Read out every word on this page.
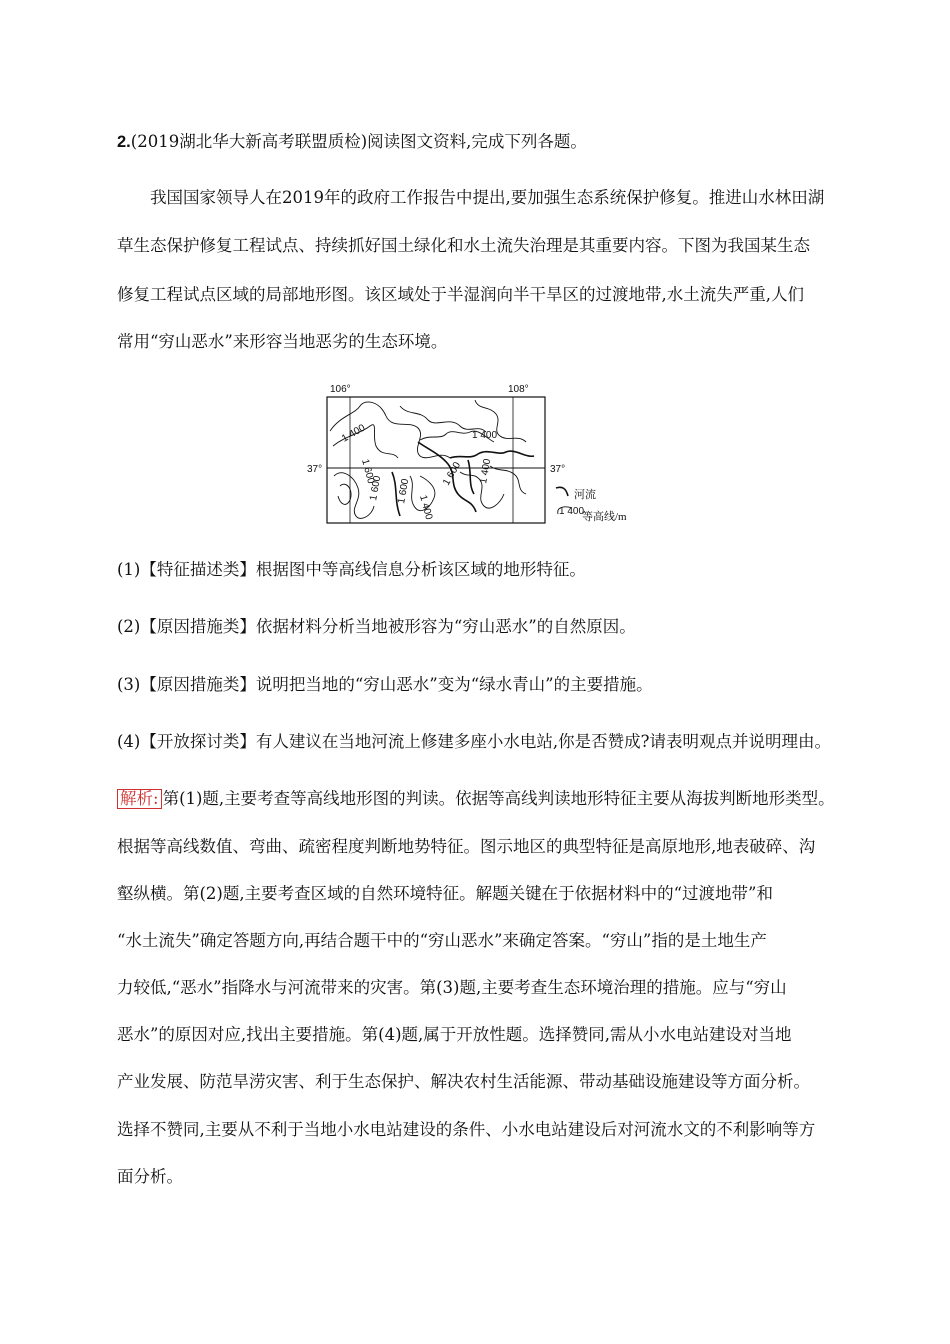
2.(2019湖北华大新高考联盟质检)阅读图文资料,完成下列各题。
我国国家领导人在2019年的政府工作报告中提出,要加强生态系统保护修复。推进山水林田湖
草生态保护修复工程试点、持续抓好国土绿化和水土流失治理是其重要内容。下图为我国某生态
修复工程试点区域的局部地形图。该区域处于半湿润向半干旱区的过渡地带,水土流失严重,人们
常用“穷山恶水”来形容当地恶劣的生态环境。
106°	108°
37°	37°
1 400
1 400
1 600
1 600 1 600
1 400
1 600 1 400
河流
1 400
等高线/m
(1)【特征描述类】根据图中等高线信息分析该区域的地形特征。
(2)【原因措施类】依据材料分析当地被形容为“穷山恶水”的自然原因。
(3)【原因措施类】说明把当地的“穷山恶水”变为“绿水青山”的主要措施。
(4)【开放探讨类】有人建议在当地河流上修建多座小水电站,你是否赞成?请表明观点并说明理由。
解析: 第(1)题,主要考查等高线地形图的判读。依据等高线判读地形特征主要从海拔判断地形类型。
根据等高线数值、弯曲、疏密程度判断地势特征。图示地区的典型特征是高原地形,地表破碎、沟
壑纵横。第(2)题,主要考查区域的自然环境特征。解题关键在于依据材料中的“过渡地带”和
“水土流失”确定答题方向,再结合题干中的“穷山恶水”来确定答案。“穷山”指的是土地生产
力较低,“恶水”指降水与河流带来的灾害。第(3)题,主要考查生态环境治理的措施。应与“穷山
恶水”的原因对应,找出主要措施。第(4)题,属于开放性题。选择赞同,需从小水电站建设对当地
产业发展、防范旱涝灾害、利于生态保护、解决农村生活能源、带动基础设施建设等方面分析。
选择不赞同,主要从不利于当地小水电站建设的条件、小水电站建设后对河流水文的不利影响等方
面分析。
